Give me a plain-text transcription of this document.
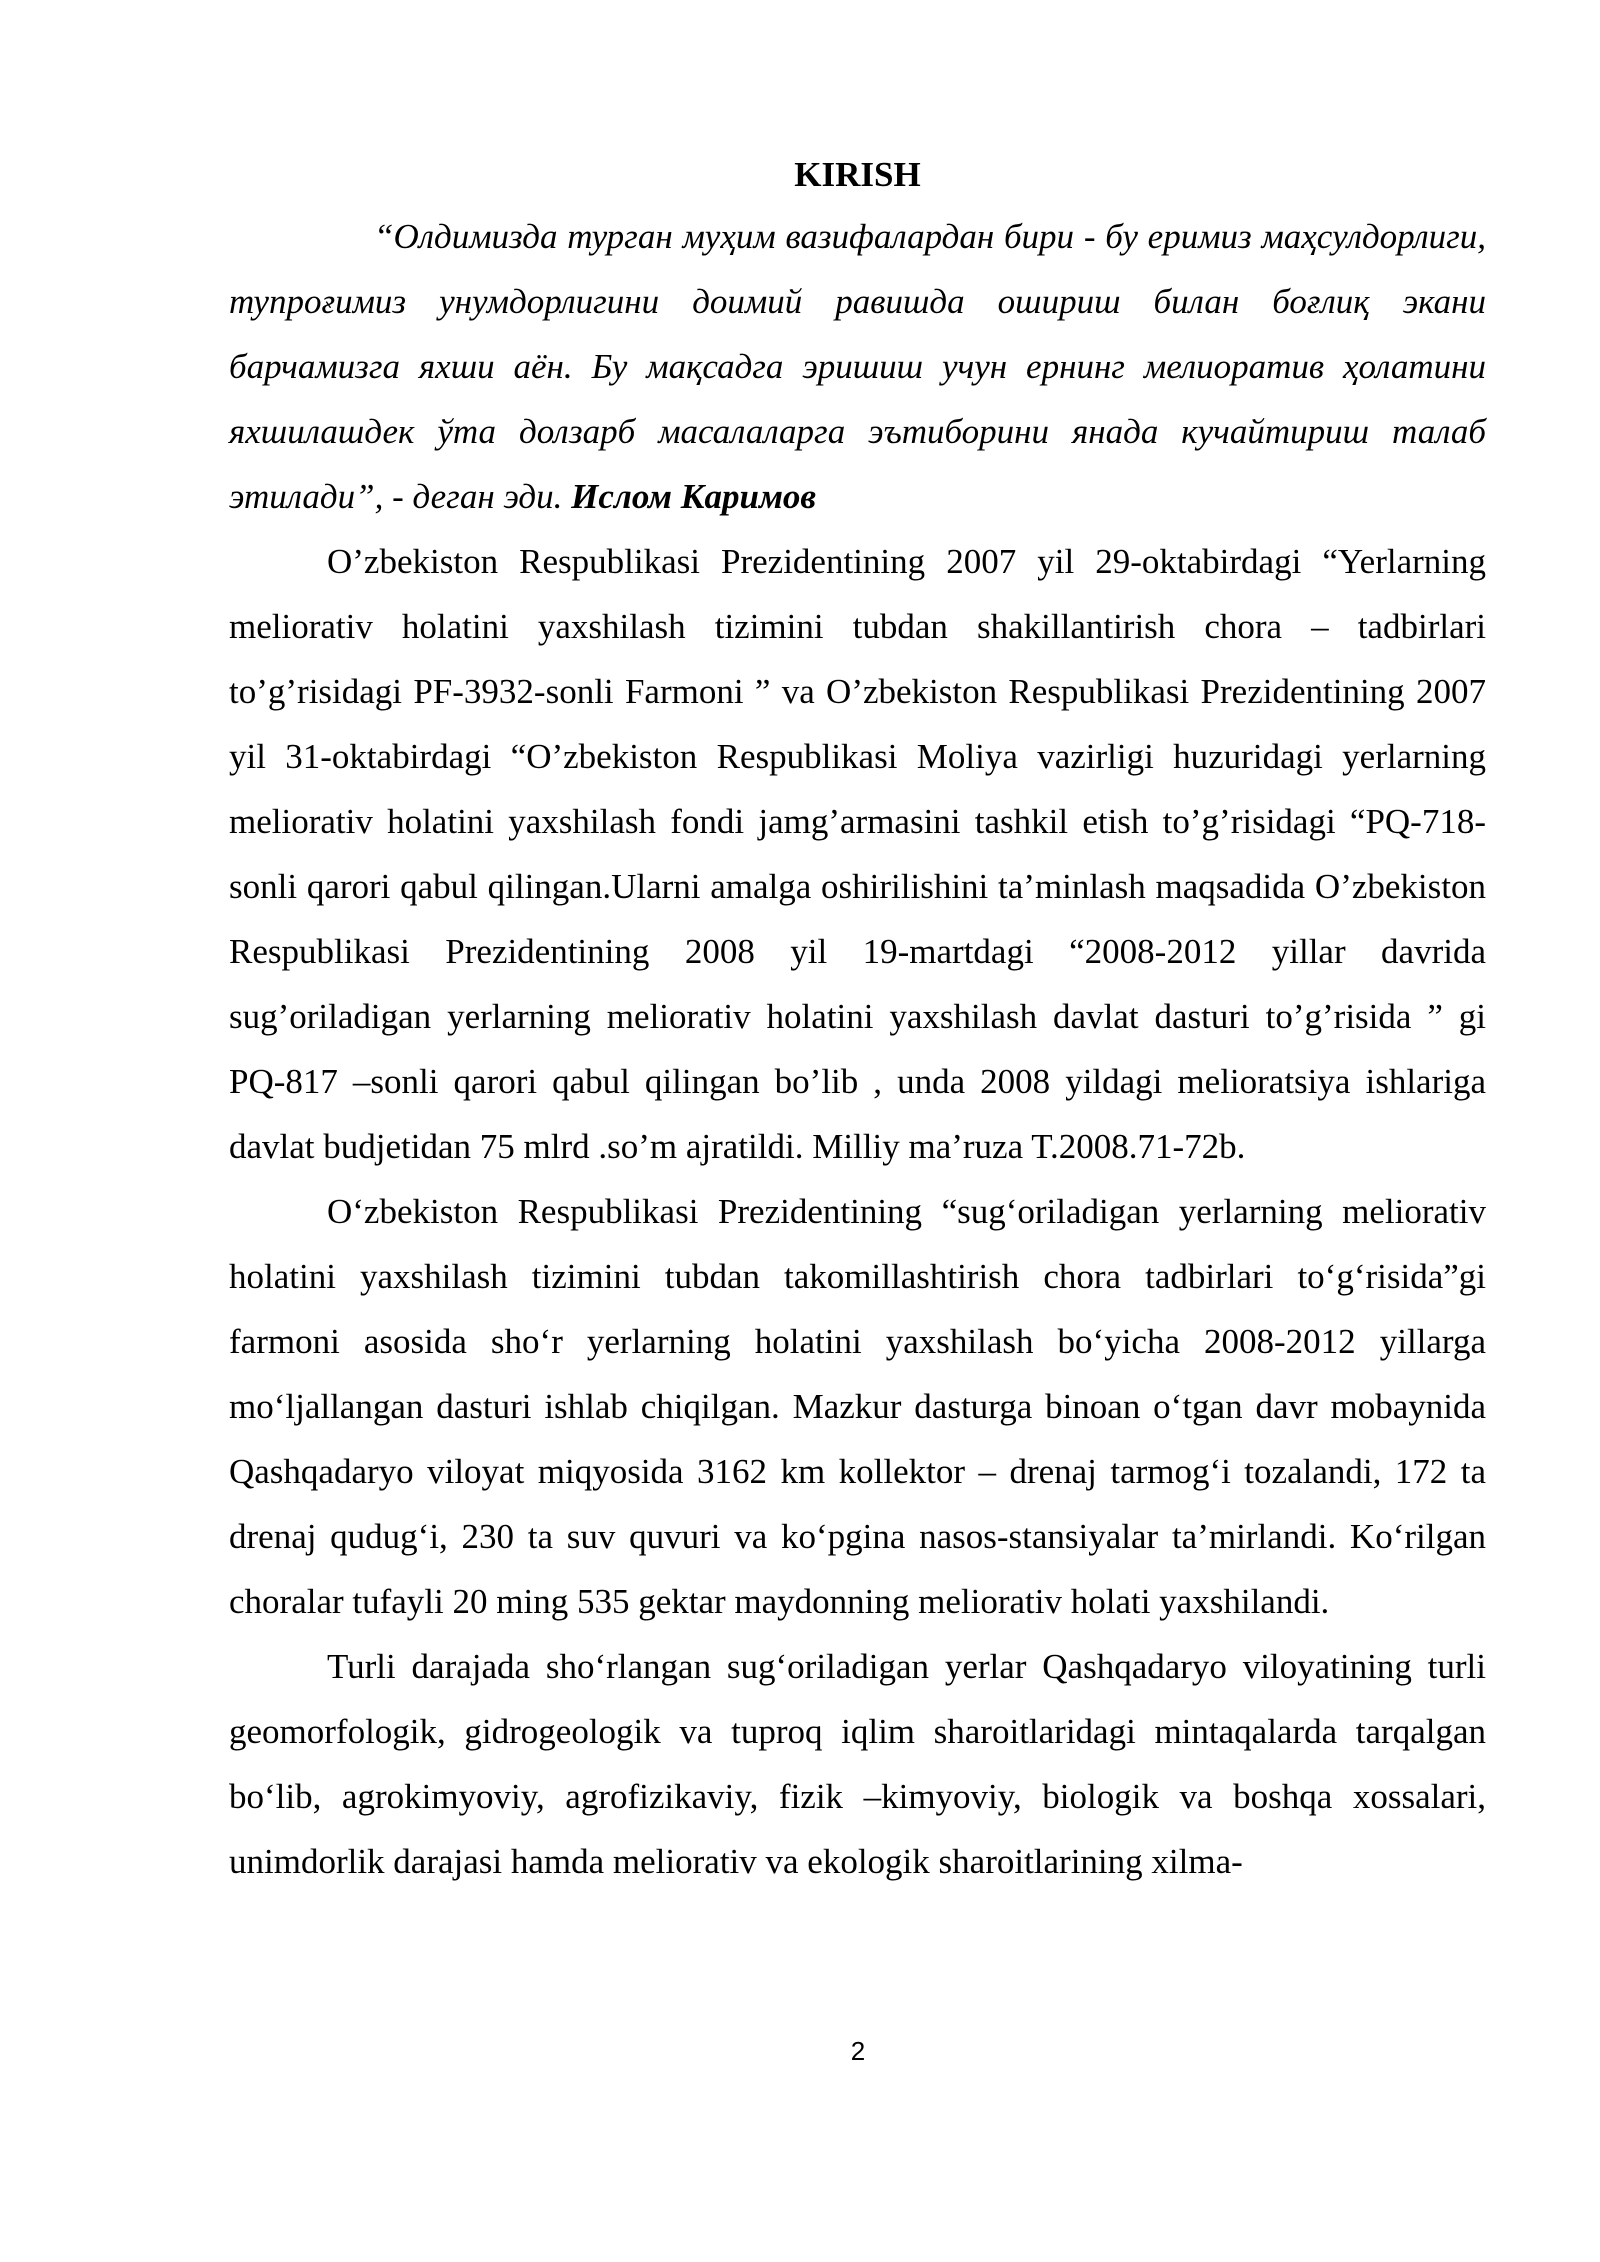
KIRISH

“Олдимизда турган муҳим вазифалардан бири - бу еримиз маҳсулдорлиги, тупроғимиз унумдорлигини доимий равишда ошириш билан боғлиқ экани барчамизга яхши аён. Бу мақсадга эришиш учун ернинг мелиоратив ҳолатини яхшилашдек ўта долзарб масалаларга эътиборини янада кучайтириш талаб этилади”, - деган эди. Ислом Каримов

O’zbekiston Respublikasi Prezidentining 2007 yil 29-oktabirdagi “Yerlarning meliorativ holatini yaxshilash tizimini tubdan shakillantirish chora – tadbirlari to’g’risidagi PF-3932-sonli Farmoni ” va O’zbekiston Respublikasi Prezidentining 2007 yil 31-oktabirdagi “O’zbekiston Respublikasi Moliya vazirligi huzuridagi yerlarning meliorativ holatini yaxshilash fondi jamg’armasini tashkil etish to’g’risidagi “PQ-718-sonli qarori qabul qilingan.Ularni amalga oshirilishini ta’minlash maqsadida O’zbekiston Respublikasi Prezidentining 2008 yil 19-martdagi “2008-2012 yillar davrida sug’oriladigan yerlarning meliorativ holatini yaxshilash davlat dasturi to’g’risida ” gi PQ-817 –sonli qarori qabul qilingan bo’lib , unda 2008 yildagi melioratsiya ishlariga davlat budjetidan 75 mlrd .so’m ajratildi. Milliy ma’ruza T.2008.71-72b.

O‘zbekiston Respublikasi Prezidentining “sug‘oriladigan yerlarning meliorativ holatini yaxshilash tizimini tubdan takomillashtirish chora tadbirlari to‘g‘risida”gi farmoni asosida sho‘r yerlarning holatini yaxshilash bo‘yicha 2008-2012 yillarga mo‘ljallangan dasturi ishlab chiqilgan. Mazkur dasturga binoan o‘tgan davr mobaynida Qashqadaryo viloyat miqyosida 3162 km kollektor – drenaj tarmog‘i tozalandi, 172 ta drenaj qudug‘i, 230 ta suv quvuri va ko‘pgina nasos-stansiyalar ta’mirlandi. Ko‘rilgan choralar tufayli 20 ming 535 gektar maydonning meliorativ holati yaxshilandi.

Turli darajada sho‘rlangan sug‘oriladigan yerlar Qashqadaryo viloyatining turli geomorfologik, gidrogeologik va tuproq iqlim sharoitlaridagi mintaqalarda tarqalgan bo‘lib, agrokimyoviy, agrofizikaviy, fizik –kimyoviy, biologik va boshqa xossalari, unimdorlik darajasi hamda meliorativ va ekologik sharoitlarining xilma-

2
